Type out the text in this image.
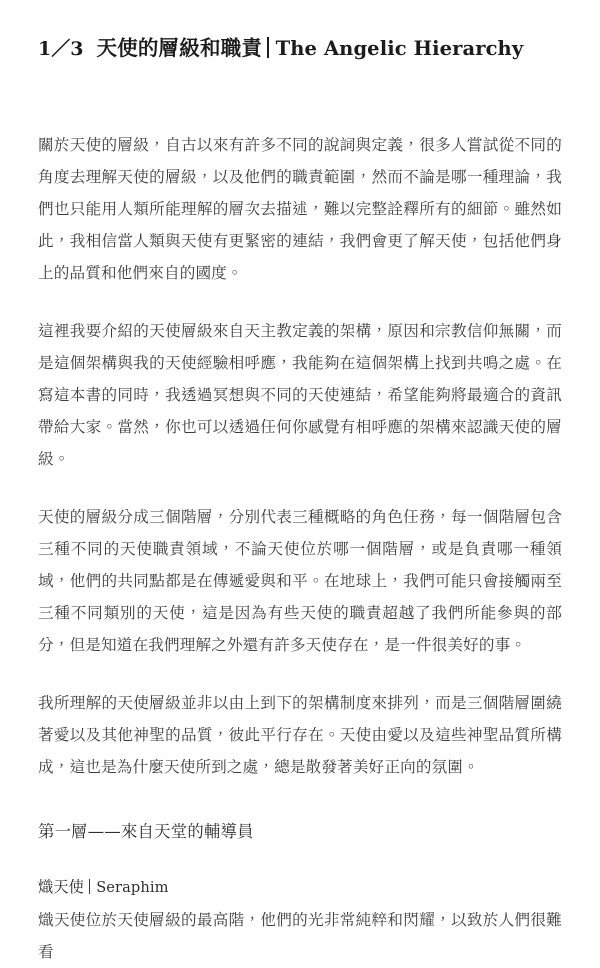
1／3 天使的層級和職責 The Angelic Hierarchy

關於天使的層級，自古以來有許多不同的說詞與定義，很多人嘗試從不同的角度去理解天使的層級，以及他們的職責範圍，然而不論是哪一種理論，我們也只能用人類所能理解的層次去描述，難以完整詮釋所有的細節。雖然如此，我相信當人類與天使有更緊密的連結，我們會更了解天使，包括他們身上的品質和他們來自的國度。

這裡我要介紹的天使層級來自天主教定義的架構，原因和宗教信仰無關，而是這個架構與我的天使經驗相呼應，我能夠在這個架構上找到共鳴之處。在寫這本書的同時，我透過冥想與不同的天使連結，希望能夠將最適合的資訊帶給大家。當然，你也可以透過任何你感覺有相呼應的架構來認識天使的層級。

天使的層級分成三個階層，分別代表三種概略的角色任務，每一個階層包含三種不同的天使職責領域，不論天使位於哪一個階層，或是負責哪一種領域，他們的共同點都是在傳遞愛與和平。在地球上，我們可能只會接觸兩至三種不同類別的天使，這是因為有些天使的職責超越了我們所能參與的部分，但是知道在我們理解之外還有許多天使存在，是一件很美好的事。

我所理解的天使層級並非以由上到下的架構制度來排列，而是三個階層圍繞著愛以及其他神聖的品質，彼此平行存在。天使由愛以及這些神聖品質所構成，這也是為什麼天使所到之處，總是散發著美好正向的氛圍。

第一層——來自天堂的輔導員
熾天使 Seraphim

熾天使位於天使層級的最高階，他們的光非常純粹和閃耀，以致於人們很難看
